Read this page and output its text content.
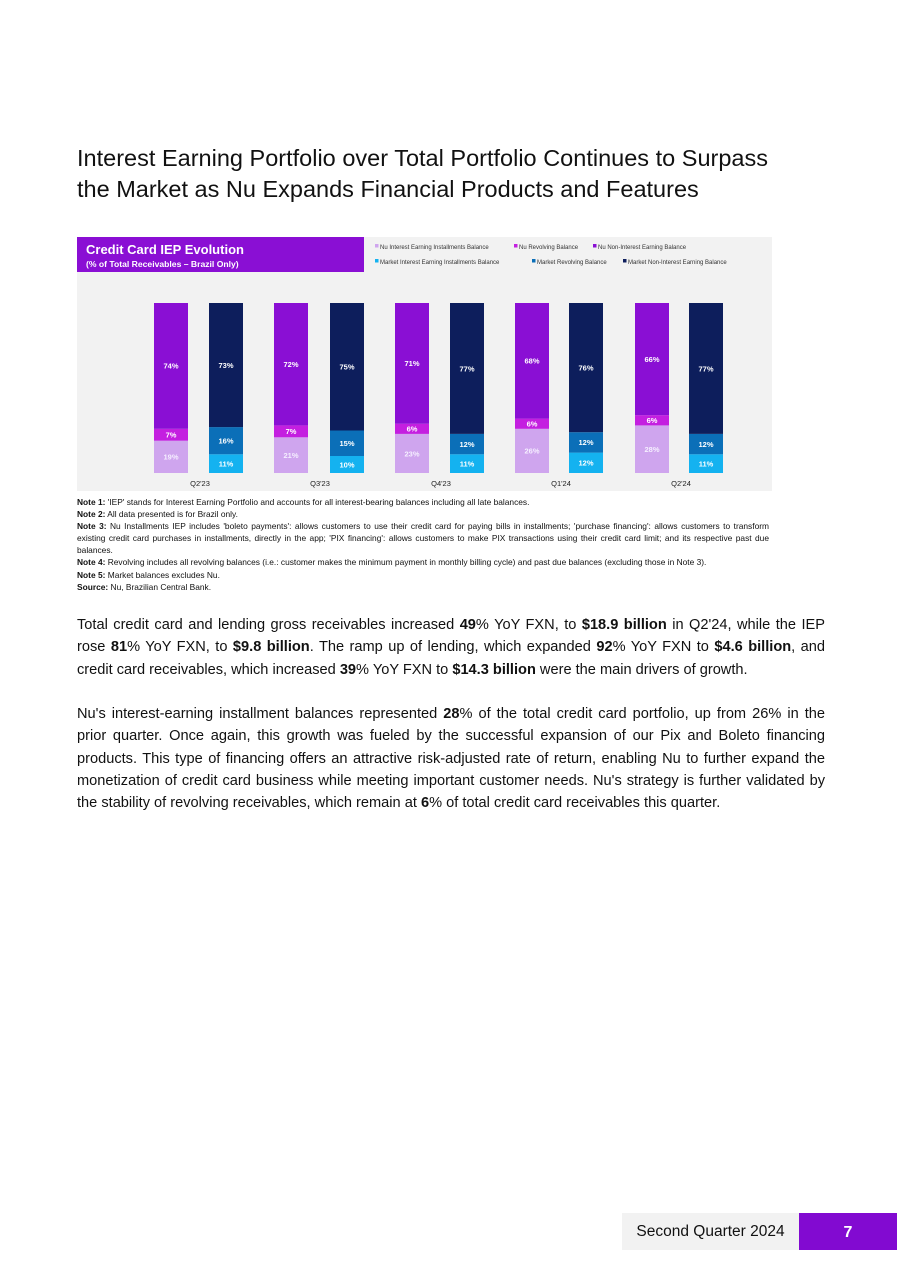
Interest Earning Portfolio over Total Portfolio Continues to Surpass the Market as Nu Expands Financial Products and Features
Credit Card IEP Evolution
(% of Total Receivables – Brazil Only)
Nu Interest Earning Installments Balance	Nu Revolving Balance	Nu Non-Interest Earning Balance
Market Interest Earning Installments Balance	Market Revolving Balance	Market Non-Interest Earning Balance
19%
7%
74%
11%
16%
73%
Q2'23
21%
7%
72%
10%
15%
75%
Q3'23
23%
6%
71%
11%
12%
77%
Q4'23
26%
6%
68%
12%
12%
76%
Q1'24
28%
6%
66%
11%
12%
77%
Q2'24

Note 1: 'IEP' stands for Interest Earning Portfolio and accounts for all interest-bearing balances including all late balances.

Note 2: All data presented is for Brazil only.

Note 3: Nu Installments IEP includes 'boleto payments': allows customers to use their credit card for paying bills in installments; 'purchase financing': allows customers to transform existing credit card purchases in installments, directly in the app; 'PIX financing': allows customers to make PIX transactions using their credit card limit; and its respective past due balances.

Note 4: Revolving includes all revolving balances (i.e.: customer makes the minimum payment in monthly billing cycle) and past due balances (excluding those in Note 3).

Note 5: Market balances excludes Nu.

Source: Nu, Brazilian Central Bank.

Total credit card and lending gross receivables increased 49% YoY FXN, to $18.9 billion in Q2'24, while the IEP rose 81% YoY FXN, to $9.8 billion. The ramp up of lending, which expanded 92% YoY FXN to $4.6 billion, and credit card receivables, which increased 39% YoY FXN to $14.3 billion were the main drivers of growth.

Nu's interest-earning installment balances represented 28% of the total credit card portfolio, up from 26% in the prior quarter. Once again, this growth was fueled by the successful expansion of our Pix and Boleto financing products. This type of financing offers an attractive risk-adjusted rate of return, enabling Nu to further expand the monetization of credit card business while meeting important customer needs. Nu's strategy is further validated by the stability of revolving receivables, which remain at 6% of total credit card receivables this quarter.

Second Quarter 2024	7
